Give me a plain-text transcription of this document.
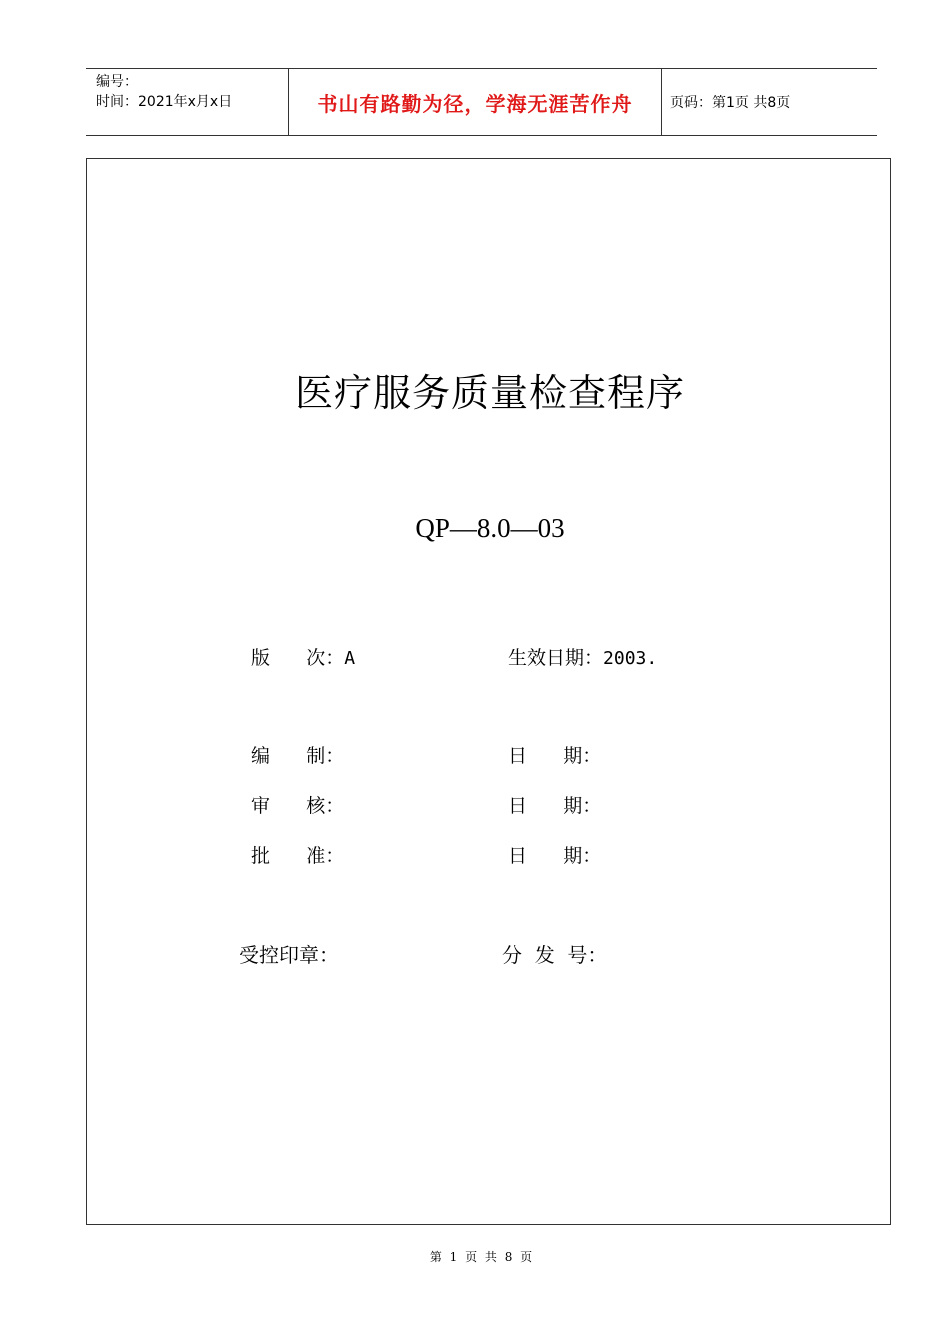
编号：
时间：2021年x月x日	书山有路勤为径，学海无涯苦作舟	页码：第1页 共8页
医疗服务质量检查程序
QP—8.0—03
版      次：A	生效日期：2003.
编      制：	日      期：
审      核：	日      期：
批      准：	日      期：
受控印章：	分  发  号：
第 1 页 共 8 页
